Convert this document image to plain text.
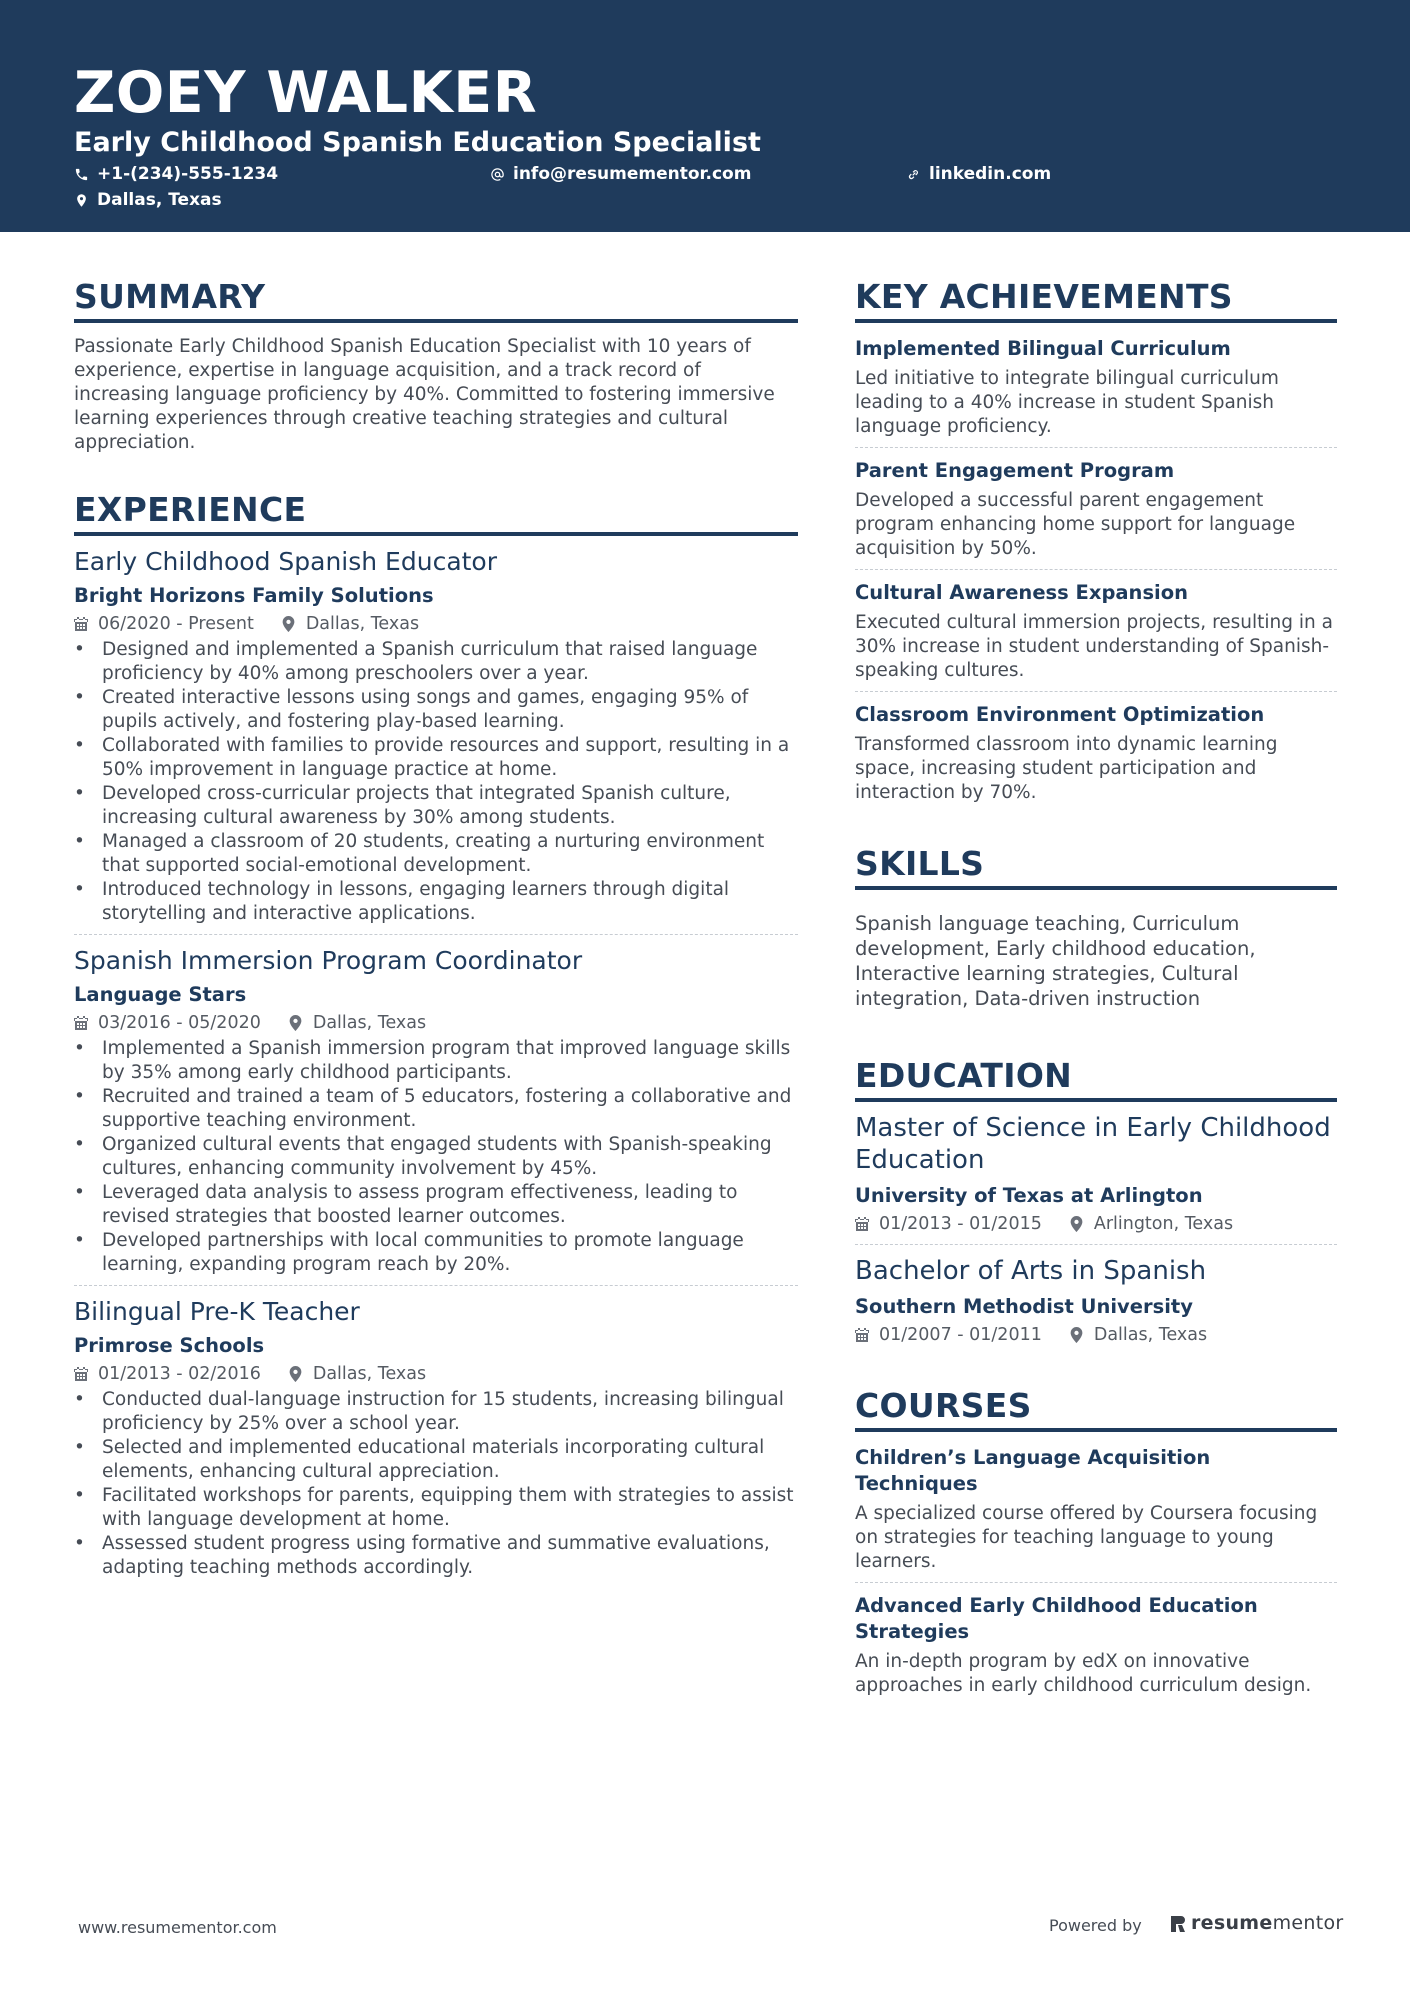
ZOEY WALKER
Early Childhood Spanish Education Specialist
+1-(234)-555-1234	info@resumementor.com	linkedin.com
Dallas, Texas
SUMMARY
Passionate Early Childhood Spanish Education Specialist with 10 years of experience, expertise in language acquisition, and a track record of increasing language proficiency by 40%. Committed to fostering immersive learning experiences through creative teaching strategies and cultural appreciation.
EXPERIENCE
Early Childhood Spanish Educator
Bright Horizons Family Solutions
06/2020 - Present	Dallas, Texas
• Designed and implemented a Spanish curriculum that raised language proficiency by 40% among preschoolers over a year.
• Created interactive lessons using songs and games, engaging 95% of pupils actively, and fostering play-based learning.
• Collaborated with families to provide resources and support, resulting in a 50% improvement in language practice at home.
• Developed cross-curricular projects that integrated Spanish culture, increasing cultural awareness by 30% among students.
• Managed a classroom of 20 students, creating a nurturing environment that supported social-emotional development.
• Introduced technology in lessons, engaging learners through digital storytelling and interactive applications.
Spanish Immersion Program Coordinator
Language Stars
03/2016 - 05/2020	Dallas, Texas
• Implemented a Spanish immersion program that improved language skills by 35% among early childhood participants.
• Recruited and trained a team of 5 educators, fostering a collaborative and supportive teaching environment.
• Organized cultural events that engaged students with Spanish-speaking cultures, enhancing community involvement by 45%.
• Leveraged data analysis to assess program effectiveness, leading to revised strategies that boosted learner outcomes.
• Developed partnerships with local communities to promote language learning, expanding program reach by 20%.
Bilingual Pre-K Teacher
Primrose Schools
01/2013 - 02/2016	Dallas, Texas
• Conducted dual-language instruction for 15 students, increasing bilingual proficiency by 25% over a school year.
• Selected and implemented educational materials incorporating cultural elements, enhancing cultural appreciation.
• Facilitated workshops for parents, equipping them with strategies to assist with language development at home.
• Assessed student progress using formative and summative evaluations, adapting teaching methods accordingly.
KEY ACHIEVEMENTS
Implemented Bilingual Curriculum
Led initiative to integrate bilingual curriculum leading to a 40% increase in student Spanish language proficiency.
Parent Engagement Program
Developed a successful parent engagement program enhancing home support for language acquisition by 50%.
Cultural Awareness Expansion
Executed cultural immersion projects, resulting in a 30% increase in student understanding of Spanish-speaking cultures.
Classroom Environment Optimization
Transformed classroom into dynamic learning space, increasing student participation and interaction by 70%.
SKILLS
Spanish language teaching, Curriculum development, Early childhood education, Interactive learning strategies, Cultural integration, Data-driven instruction
EDUCATION
Master of Science in Early Childhood Education
University of Texas at Arlington
01/2013 - 01/2015	Arlington, Texas
Bachelor of Arts in Spanish
Southern Methodist University
01/2007 - 01/2011	Dallas, Texas
COURSES
Children’s Language Acquisition Techniques
A specialized course offered by Coursera focusing on strategies for teaching language to young learners.
Advanced Early Childhood Education Strategies
An in-depth program by edX on innovative approaches in early childhood curriculum design.
www.resumementor.com	Powered by	resumementor
